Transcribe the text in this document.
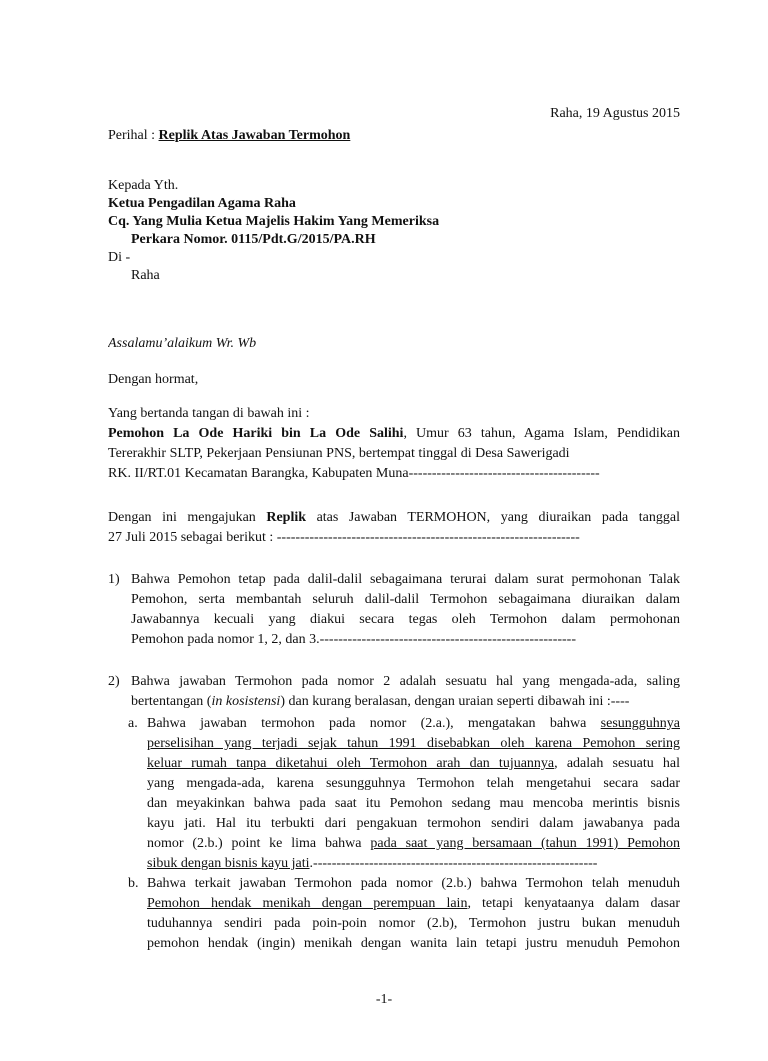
Raha, 19 Agustus 2015
Perihal : Replik Atas Jawaban Termohon
Kepada Yth.
Ketua Pengadilan Agama Raha
Cq. Yang Mulia Ketua Majelis Hakim Yang Memeriksa
Perkara Nomor. 0115/Pdt.G/2015/PA.RH
Di -
Raha
Assalamu’alaikum Wr. Wb
Dengan hormat,
Yang bertanda tangan di bawah ini :
Pemohon La Ode Hariki bin La Ode Salihi, Umur 63 tahun, Agama Islam, Pendidikan
Tererakhir SLTP, Pekerjaan Pensiunan PNS, bertempat tinggal di Desa Sawerigadi
RK. II/RT.01 Kecamatan Barangka, Kabupaten Muna-----------------------------------------
Dengan ini mengajukan Replik atas Jawaban TERMOHON, yang diuraikan pada tanggal
27 Juli 2015 sebagai berikut : -----------------------------------------------------------------
1) Bahwa Pemohon tetap pada dalil-dalil sebagaimana terurai dalam surat permohonan Talak
Pemohon, serta membantah seluruh dalil-dalil Termohon sebagaimana diuraikan dalam
Jawabannya kecuali yang diakui secara tegas oleh Termohon dalam permohonan
Pemohon pada nomor 1, 2, dan 3.-------------------------------------------------------
2) Bahwa jawaban Termohon pada nomor 2 adalah sesuatu hal yang mengada-ada, saling
bertentangan (in kosistensi) dan kurang beralasan, dengan uraian seperti dibawah ini :----
a. Bahwa jawaban termohon pada nomor (2.a.), mengatakan bahwa sesungguhnya
perselisihan yang terjadi sejak tahun 1991 disebabkan oleh karena Pemohon sering
keluar rumah tanpa diketahui oleh Termohon arah dan tujuannya, adalah sesuatu hal
yang mengada-ada, karena sesungguhnya Termohon telah mengetahui secara sadar
dan meyakinkan bahwa pada saat itu Pemohon sedang mau mencoba merintis bisnis
kayu jati. Hal itu terbukti dari pengakuan termohon sendiri dalam jawabanya pada
nomor (2.b.) point ke lima bahwa pada saat yang bersamaan (tahun 1991) Pemohon
sibuk dengan bisnis kayu jati.-------------------------------------------------------------
b. Bahwa terkait jawaban Termohon pada nomor (2.b.) bahwa Termohon telah menuduh
Pemohon hendak menikah dengan perempuan lain, tetapi kenyataanya dalam dasar
tuduhannya sendiri pada poin-poin nomor (2.b), Termohon justru bukan menuduh
pemohon hendak (ingin) menikah dengan wanita lain tetapi justru menuduh Pemohon
-1-
